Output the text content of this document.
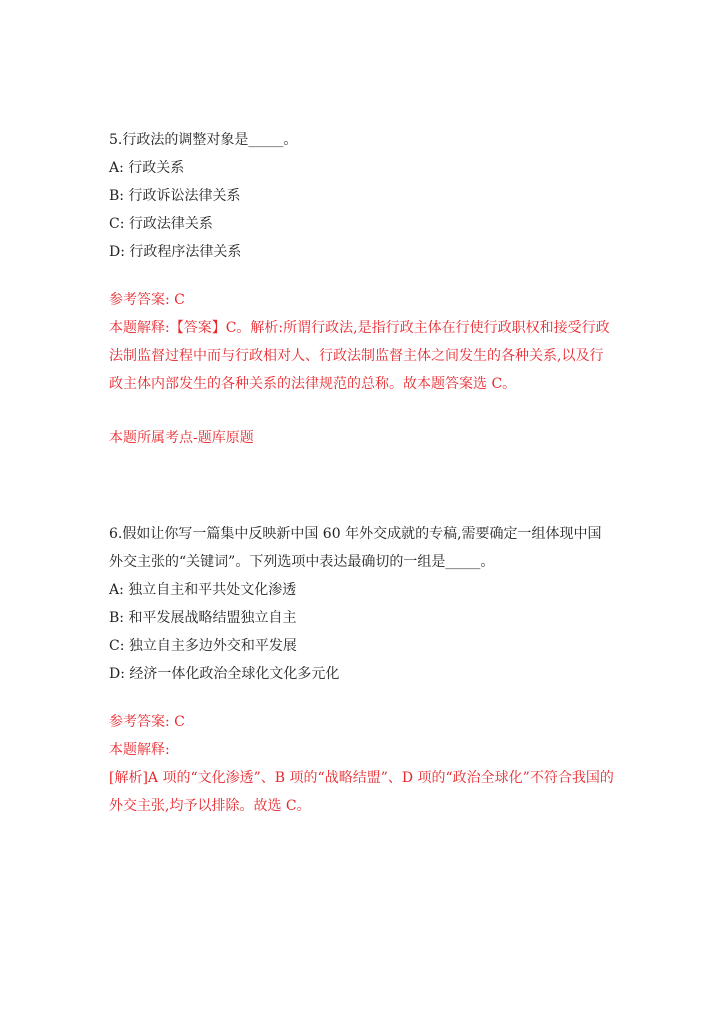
5.行政法的调整对象是_____。
A: 行政关系
B: 行政诉讼法律关系
C: 行政法律关系
D: 行政程序法律关系
参考答案: C
本题解释:【答案】C。解析:所谓行政法,是指行政主体在行使行政职权和接受行政法制监督过程中而与行政相对人、行政法制监督主体之间发生的各种关系,以及行政主体内部发生的各种关系的法律规范的总称。故本题答案选 C。
本题所属考点-题库原题
6.假如让你写一篇集中反映新中国 60 年外交成就的专稿,需要确定一组体现中国外交主张的“关键词”。下列选项中表达最确切的一组是_____。
A: 独立自主和平共处文化渗透
B: 和平发展战略结盟独立自主
C: 独立自主多边外交和平发展
D: 经济一体化政治全球化文化多元化
参考答案: C
本题解释:
[解析]A 项的“文化渗透”、B 项的“战略结盟”、D 项的“政治全球化”不符合我国的外交主张,均予以排除。故选 C。
